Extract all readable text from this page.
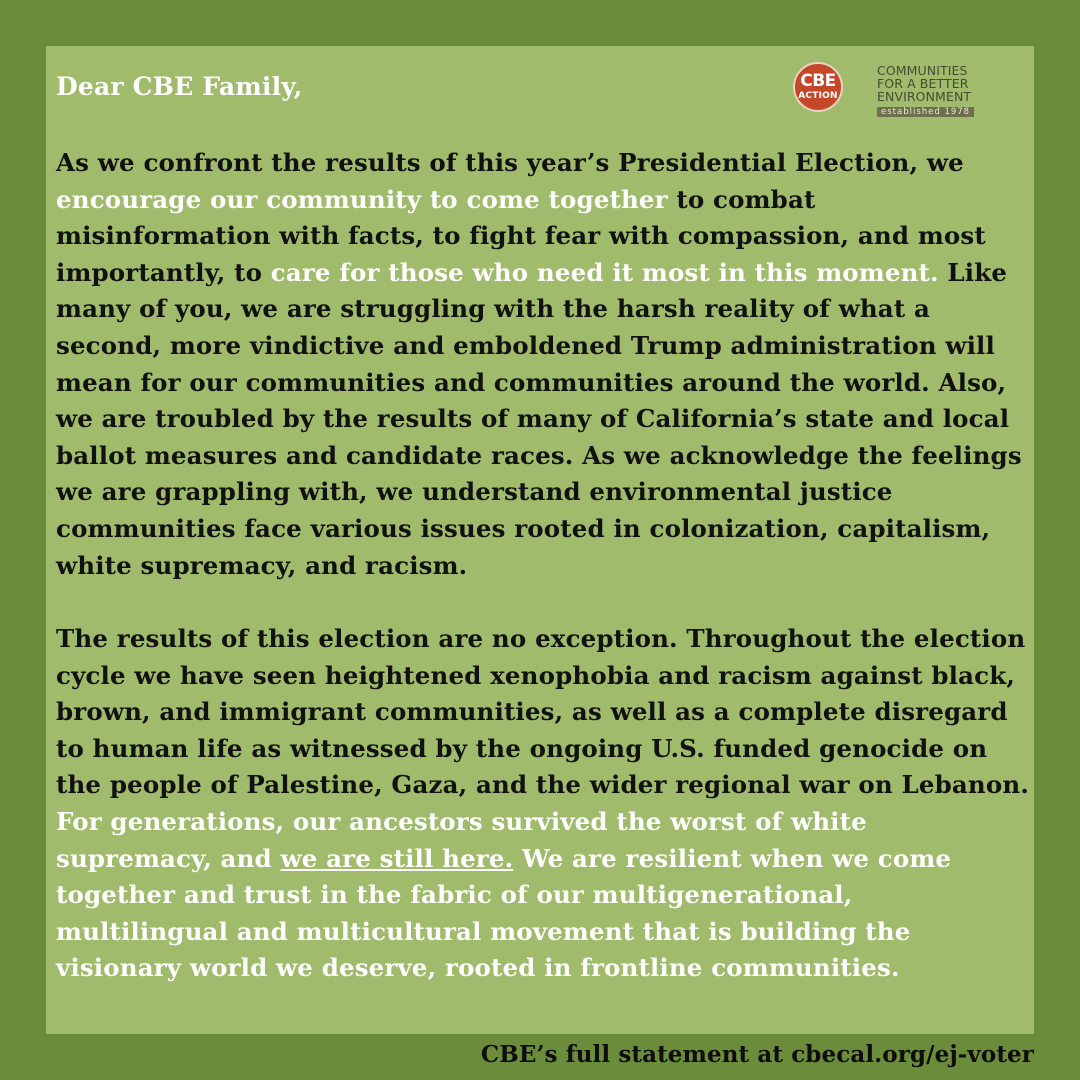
Dear CBE Family,	CBE
ACTION
COMMUNITIES
FOR A BETTER
ENVIRONMENT
established 1978

As we confront the results of this year’s Presidential Election, we encourage our community to come together to combat misinformation with facts, to fight fear with compassion, and most importantly, to care for those who need it most in this moment. Like many of you, we are struggling with the harsh reality of what a second, more vindictive and emboldened Trump administration will mean for our communities and communities around the world. Also, we are troubled by the results of many of California’s state and local ballot measures and candidate races. As we acknowledge the feelings we are grappling with, we understand environmental justice communities face various issues rooted in colonization, capitalism, white supremacy, and racism.

The results of this election are no exception. Throughout the election cycle we have seen heightened xenophobia and racism against black, brown, and immigrant communities, as well as a complete disregard to human life as witnessed by the ongoing U.S. funded genocide on the people of Palestine, Gaza, and the wider regional war on Lebanon. For generations, our ancestors survived the worst of white supremacy, and we are still here. We are resilient when we come together and trust in the fabric of our multigenerational, multilingual and multicultural movement that is building the visionary world we deserve, rooted in frontline communities.

CBE’s full statement at cbecal.org/ej-voter
